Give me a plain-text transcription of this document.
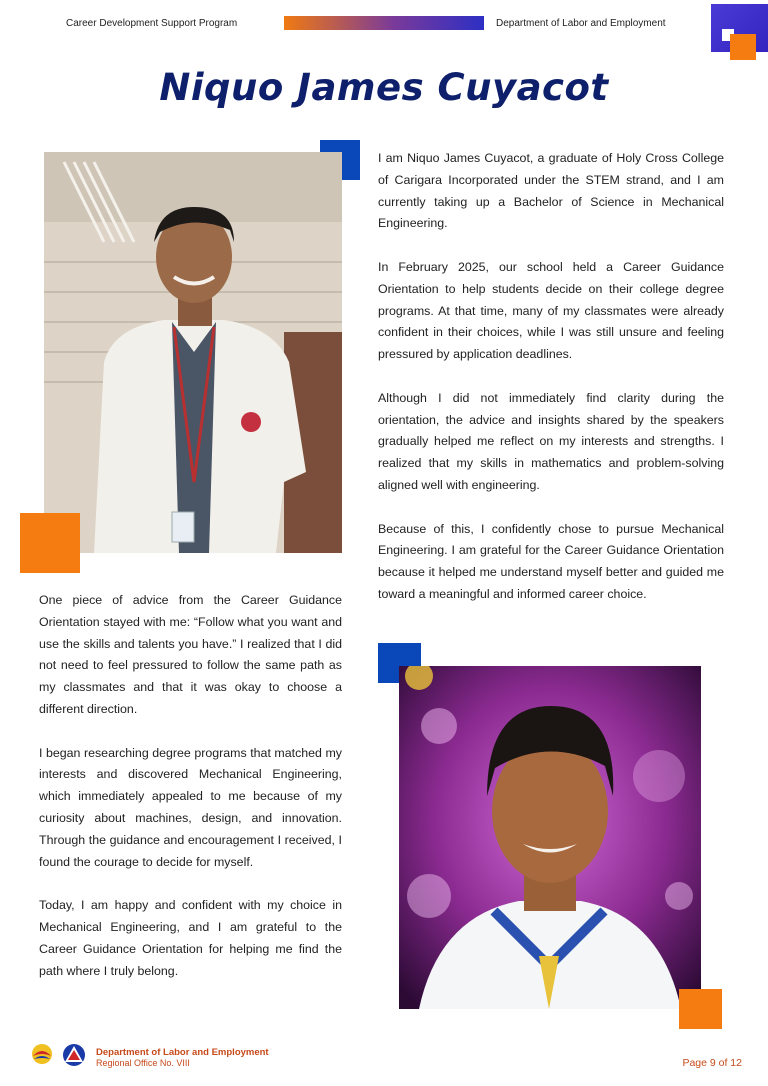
Career Development Support Program	Department of Labor and Employment
Niquo James Cuyacot

I am Niquo James Cuyacot, a graduate of Holy Cross College of Carigara Incorporated under the STEM strand, and I am currently taking up a Bachelor of Science in Mechanical Engineering.

In February 2025, our school held a Career Guidance Orientation to help students decide on their college degree programs. At that time, many of my classmates were already confident in their choices, while I was still unsure and feeling pressured by application deadlines.

Although I did not immediately find clarity during the orientation, the advice and insights shared by the speakers gradually helped me reflect on my interests and strengths. I realized that my skills in mathematics and problem-solving aligned well with engineering.

Because of this, I confidently chose to pursue Mechanical Engineering. I am grateful for the Career Guidance Orientation because it helped me understand myself better and guided me toward a meaningful and informed career choice.

One piece of advice from the Career Guidance Orientation stayed with me: “Follow what you want and use the skills and talents you have.” I realized that I did not need to feel pressured to follow the same path as my classmates and that it was okay to choose a different direction.

I began researching degree programs that matched my interests and discovered Mechanical Engineering, which immediately appealed to me because of my curiosity about machines, design, and innovation. Through the guidance and encouragement I received, I found the courage to decide for myself.

Today, I am happy and confident with my choice in Mechanical Engineering, and I am grateful to the Career Guidance Orientation for helping me find the path where I truly belong.

Department of Labor and Employment
Regional Office No. VIII	Page 9 of 12
